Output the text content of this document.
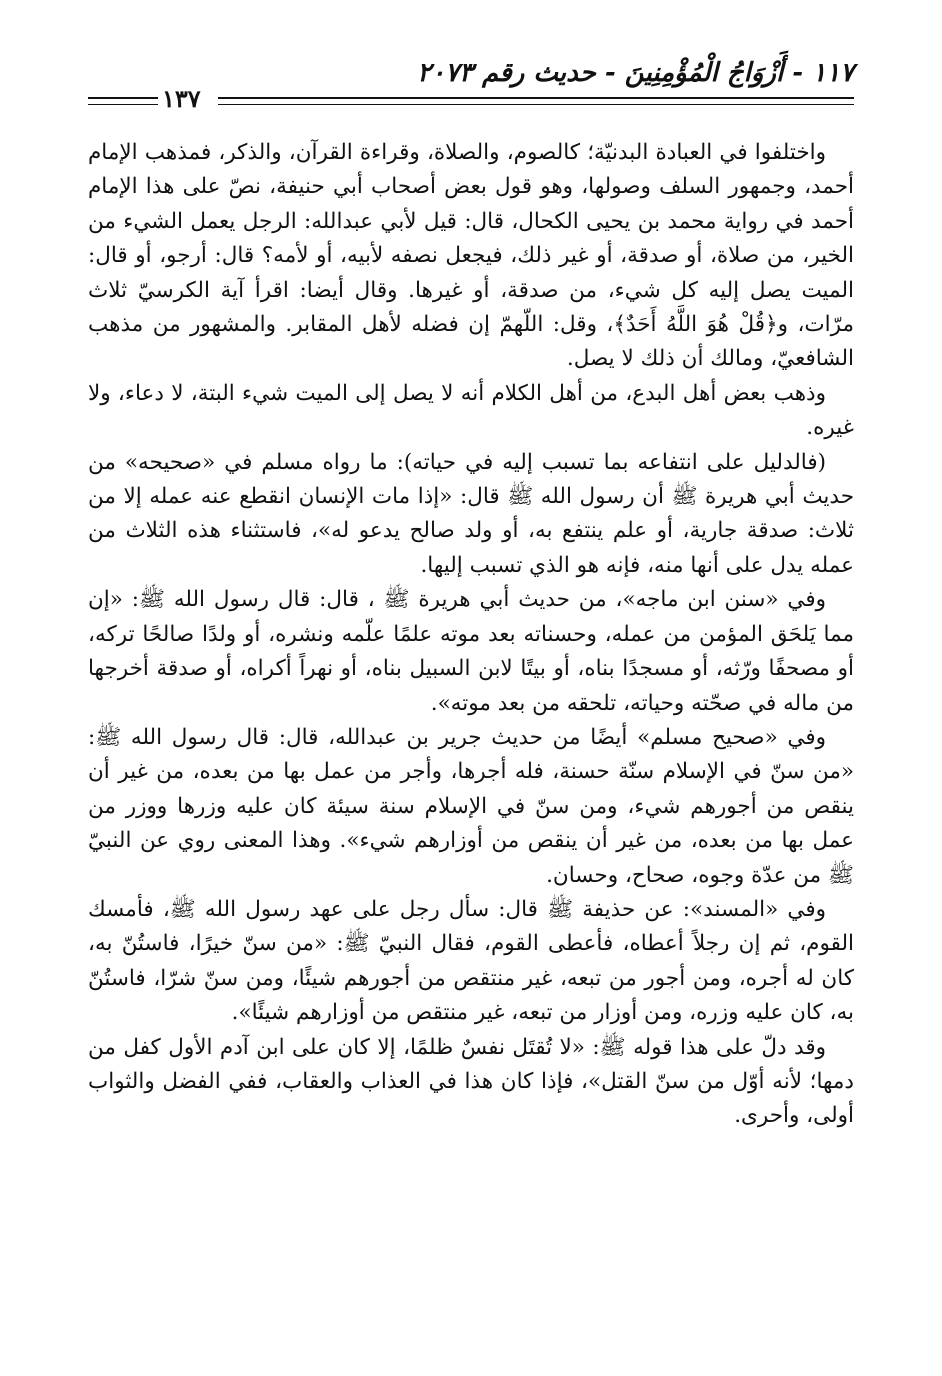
١١٧ - أَزْوَاجُ الْمُؤْمِنِينَ - حديث رقم ٢٠٧٣
١٣٧

واختلفوا في العبادة البدنيّة؛ كالصوم، والصلاة، وقراءة القرآن، والذكر، فمذهب الإمام أحمد، وجمهور السلف وصولها، وهو قول بعض أصحاب أبي حنيفة، نصّ على هذا الإمام أحمد في رواية محمد بن يحيى الكحال، قال: قيل لأبي عبدالله: الرجل يعمل الشيء من الخير، من صلاة، أو صدقة، أو غير ذلك، فيجعل نصفه لأبيه، أو لأمه؟ قال: أرجو، أو قال: الميت يصل إليه كل شيء، من صدقة، أو غيرها. وقال أيضا: اقرأ آية الكرسيّ ثلاث مرّات، و﴿قُلْ هُوَ اللَّهُ أَحَدٌ﴾، وقل: اللّهمّ إن فضله لأهل المقابر. والمشهور من مذهب الشافعيّ، ومالك أن ذلك لا يصل.

وذهب بعض أهل البدع، من أهل الكلام أنه لا يصل إلى الميت شيء البتة، لا دعاء، ولا غيره.

(فالدليل على انتفاعه بما تسبب إليه في حياته): ما رواه مسلم في «صحيحه» من حديث أبي هريرة ﷺ أن رسول الله ﷺ قال: «إذا مات الإنسان انقطع عنه عمله إلا من ثلاث: صدقة جارية، أو علم ينتفع به، أو ولد صالح يدعو له»، فاستثناء هذه الثلاث من عمله يدل على أنها منه، فإنه هو الذي تسبب إليها.

وفي «سنن ابن ماجه»، من حديث أبي هريرة ﷺ ، قال: قال رسول الله ﷺ: «إن مما يَلحَق المؤمن من عمله، وحسناته بعد موته علمًا علّمه ونشره، أو ولدًا صالحًا تركه، أو مصحفًا ورّثه، أو مسجدًا بناه، أو بيتًا لابن السبيل بناه، أو نهراً أكراه، أو صدقة أخرجها من ماله في صحّته وحياته، تلحقه من بعد موته».

وفي «صحيح مسلم» أيضًا من حديث جرير بن عبدالله، قال: قال رسول الله ﷺ: «من سنّ في الإسلام سنّة حسنة، فله أجرها، وأجر من عمل بها من بعده، من غير أن ينقص من أجورهم شيء، ومن سنّ في الإسلام سنة سيئة كان عليه وزرها ووزر من عمل بها من بعده، من غير أن ينقص من أوزارهم شيء». وهذا المعنى روي عن النبيّ ﷺ من عدّة وجوه، صحاح، وحسان.

وفي «المسند»: عن حذيفة ﷺ قال: سأل رجل على عهد رسول الله ﷺ، فأمسك القوم، ثم إن رجلاً أعطاه، فأعطى القوم، فقال النبيّ ﷺ: «من سنّ خيرًا، فاستُنّ به، كان له أجره، ومن أجور من تبعه، غير منتقص من أجورهم شيئًا، ومن سنّ شرّا، فاستُنّ به، كان عليه وزره، ومن أوزار من تبعه، غير منتقص من أوزارهم شيئًا».

وقد دلّ على هذا قوله ﷺ: «لا تُقتَل نفسٌ ظلمًا، إلا كان على ابن آدم الأول كفل من دمها؛ لأنه أوّل من سنّ القتل»، فإذا كان هذا في العذاب والعقاب، ففي الفضل والثواب أولى، وأحرى.
